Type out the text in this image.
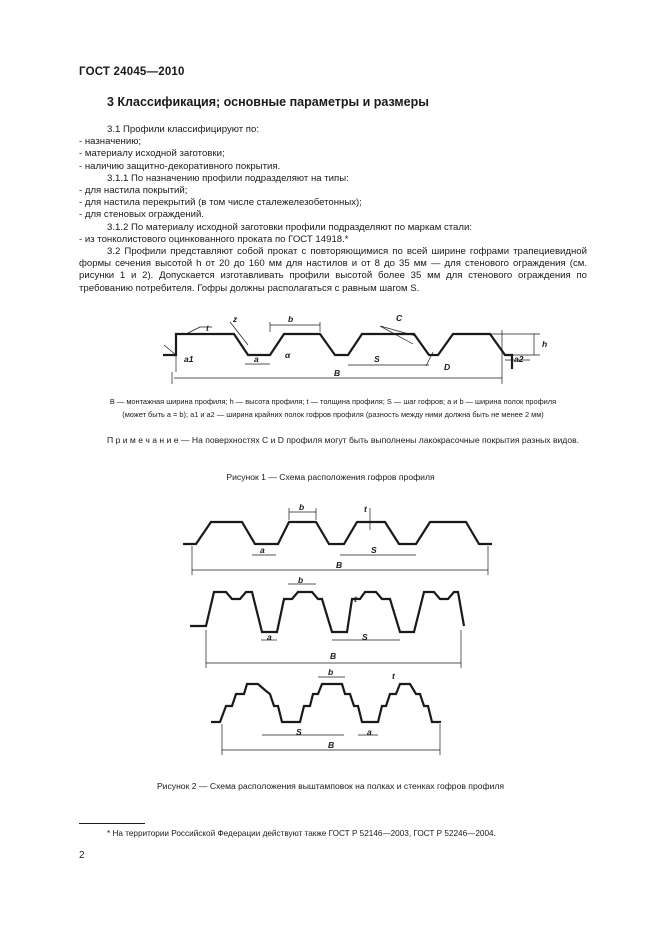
ГОСТ 24045—2010
3 Классификация; основные параметры и размеры

3.1 Профили классифицируют по:

- назначению;

- материалу исходной заготовки;

- наличию защитно-декоративного покрытия.

3.1.1 По назначению профили подразделяют на типы:

- для настила покрытий;

- для настила перекрытий (в том числе сталежелезобетонных);

- для стеновых ограждений.

3.1.2 По материалу исходной заготовки профили подразделяют по маркам стали:

- из тонколистового оцинкованного проката по ГОСТ 14918.*

3.2 Профили представляют собой прокат с повторяющимися по всей ширине гофрами трапециевидной формы сечения высотой h от 20 до 160 мм для настилов и от 8 до 35 мм — для стенового ограждения (см. рисунки 1 и 2). Допускается изготавливать профили высотой более 35 мм для стенового ограждения по требованию потребителя. Гофры должны располагаться с равным шагом S.

b
a
a1	a2
S
B
h
t
α
C
D
z
B — монтажная ширина профиля; h — высота профиля; t — толщина профиля; S — шаг гофров; a и b — ширина полок профиля
(может быть a = b); a1 и a2 — ширина крайних полок гофров профиля (разность между ними должна быть не менее 2 мм)
П р и м е ч а н и е — На поверхностях C и D профиля могут быть выполнены лакокрасочные покрытия разных видов.
Рисунок 1 — Схема расположения гофров профиля
b
a	S
B
t
b
a	S
B
t
b
S	a
B
t
Рисунок 2 — Схема расположения выштамповок на полках и стенках гофров профиля
* На территории Российской Федерации действуют также ГОСТ Р 52146—2003, ГОСТ Р 52246—2004.
2
